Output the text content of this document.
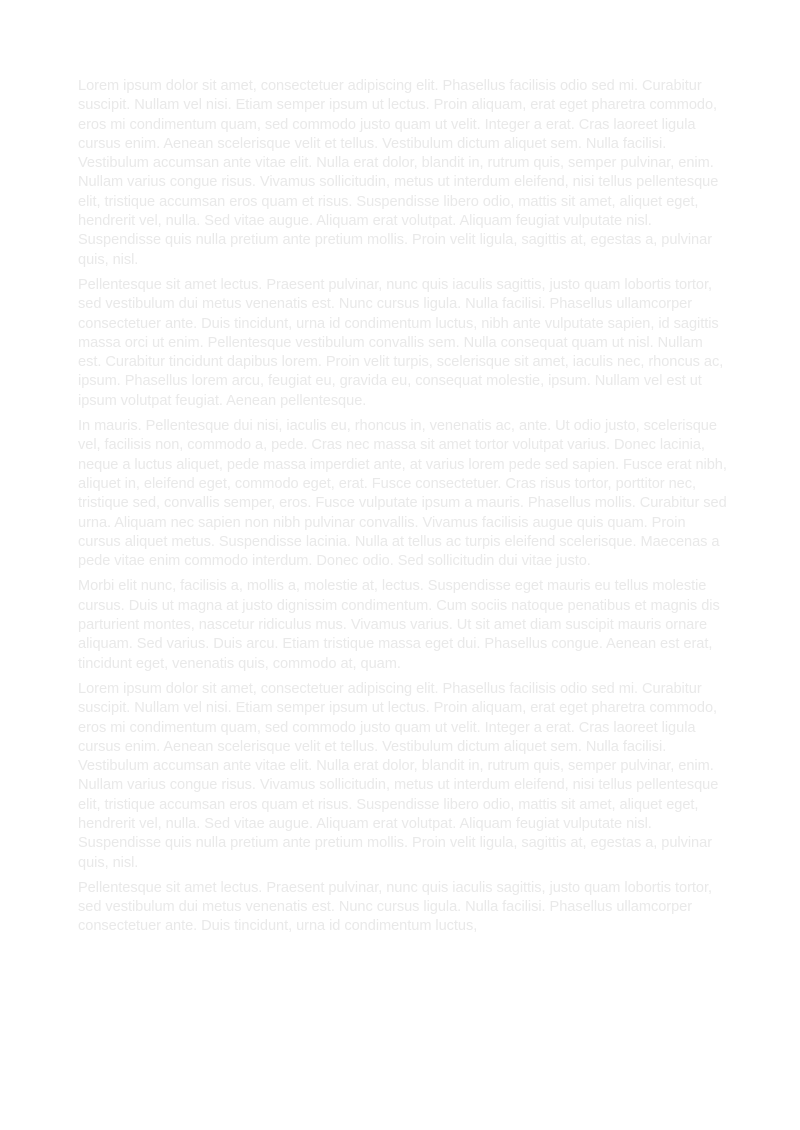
Lorem ipsum dolor sit amet, consectetuer adipiscing elit. Phasellus facilisis odio sed mi. Curabitur suscipit. Nullam vel nisi. Etiam semper ipsum ut lectus. Proin aliquam, erat eget pharetra commodo, eros mi condimentum quam, sed commodo justo quam ut velit. Integer a erat. Cras laoreet ligula cursus enim. Aenean scelerisque velit et tellus. Vestibulum dictum aliquet sem. Nulla facilisi. Vestibulum accumsan ante vitae elit. Nulla erat dolor, blandit in, rutrum quis, semper pulvinar, enim. Nullam varius congue risus. Vivamus sollicitudin, metus ut interdum eleifend, nisi tellus pellentesque elit, tristique accumsan eros quam et risus. Suspendisse libero odio, mattis sit amet, aliquet eget, hendrerit vel, nulla. Sed vitae augue. Aliquam erat volutpat. Aliquam feugiat vulputate nisl. Suspendisse quis nulla pretium ante pretium mollis. Proin velit ligula, sagittis at, egestas a, pulvinar quis, nisl.

Pellentesque sit amet lectus. Praesent pulvinar, nunc quis iaculis sagittis, justo quam lobortis tortor, sed vestibulum dui metus venenatis est. Nunc cursus ligula. Nulla facilisi. Phasellus ullamcorper consectetuer ante. Duis tincidunt, urna id condimentum luctus, nibh ante vulputate sapien, id sagittis massa orci ut enim. Pellentesque vestibulum convallis sem. Nulla consequat quam ut nisl. Nullam est. Curabitur tincidunt dapibus lorem. Proin velit turpis, scelerisque sit amet, iaculis nec, rhoncus ac, ipsum. Phasellus lorem arcu, feugiat eu, gravida eu, consequat molestie, ipsum. Nullam vel est ut ipsum volutpat feugiat. Aenean pellentesque.

In mauris. Pellentesque dui nisi, iaculis eu, rhoncus in, venenatis ac, ante. Ut odio justo, scelerisque vel, facilisis non, commodo a, pede. Cras nec massa sit amet tortor volutpat varius. Donec lacinia, neque a luctus aliquet, pede massa imperdiet ante, at varius lorem pede sed sapien. Fusce erat nibh, aliquet in, eleifend eget, commodo eget, erat. Fusce consectetuer. Cras risus tortor, porttitor nec, tristique sed, convallis semper, eros. Fusce vulputate ipsum a mauris. Phasellus mollis. Curabitur sed urna. Aliquam nec sapien non nibh pulvinar convallis. Vivamus facilisis augue quis quam. Proin cursus aliquet metus. Suspendisse lacinia. Nulla at tellus ac turpis eleifend scelerisque. Maecenas a pede vitae enim commodo interdum. Donec odio. Sed sollicitudin dui vitae justo.

Morbi elit nunc, facilisis a, mollis a, molestie at, lectus. Suspendisse eget mauris eu tellus molestie cursus. Duis ut magna at justo dignissim condimentum. Cum sociis natoque penatibus et magnis dis parturient montes, nascetur ridiculus mus. Vivamus varius. Ut sit amet diam suscipit mauris ornare aliquam. Sed varius. Duis arcu. Etiam tristique massa eget dui. Phasellus congue. Aenean est erat, tincidunt eget, venenatis quis, commodo at, quam.

Lorem ipsum dolor sit amet, consectetuer adipiscing elit. Phasellus facilisis odio sed mi. Curabitur suscipit. Nullam vel nisi. Etiam semper ipsum ut lectus. Proin aliquam, erat eget pharetra commodo, eros mi condimentum quam, sed commodo justo quam ut velit. Integer a erat. Cras laoreet ligula cursus enim. Aenean scelerisque velit et tellus. Vestibulum dictum aliquet sem. Nulla facilisi. Vestibulum accumsan ante vitae elit. Nulla erat dolor, blandit in, rutrum quis, semper pulvinar, enim. Nullam varius congue risus. Vivamus sollicitudin, metus ut interdum eleifend, nisi tellus pellentesque elit, tristique accumsan eros quam et risus. Suspendisse libero odio, mattis sit amet, aliquet eget, hendrerit vel, nulla. Sed vitae augue. Aliquam erat volutpat. Aliquam feugiat vulputate nisl. Suspendisse quis nulla pretium ante pretium mollis. Proin velit ligula, sagittis at, egestas a, pulvinar quis, nisl.

Pellentesque sit amet lectus. Praesent pulvinar, nunc quis iaculis sagittis, justo quam lobortis tortor, sed vestibulum dui metus venenatis est. Nunc cursus ligula. Nulla facilisi. Phasellus ullamcorper consectetuer ante. Duis tincidunt, urna id condimentum luctus,
